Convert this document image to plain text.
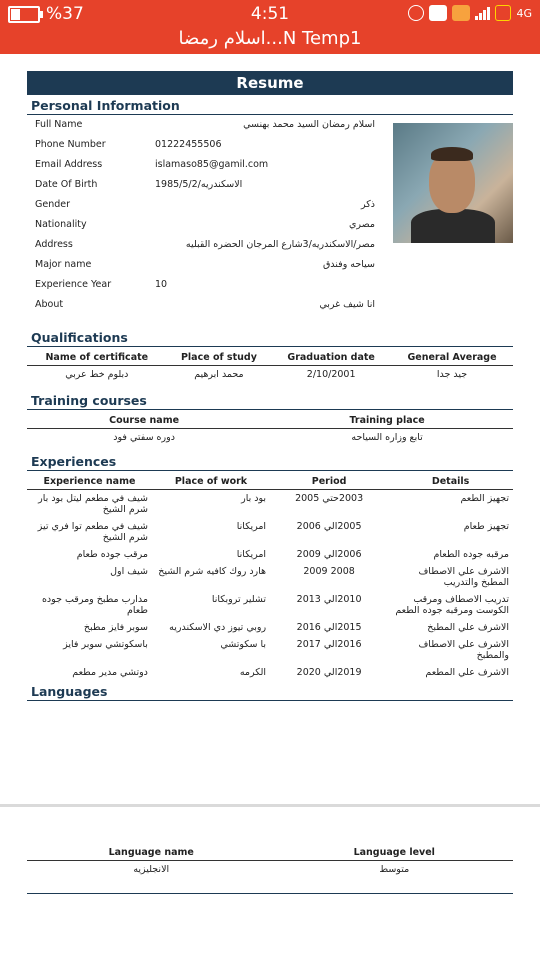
%37	4:51	4G
N Temp1...اسلام رمضا
Resume
Personal Information
Full Name	اسلام رمضان السيد محمد بهنسي
Phone Number	01222455506
Email Address	islamaso85@gamil.com
Date Of Birth	1985/5/2/الاسكندريه
Gender	ذكر
Nationality	مصري
Address	مصر/الاسكندريه/3شارع المرجان الحضره القبليه
Major name	سياحه وفندق
Experience Year	10
About	انا شيف غربي
Qualifications
Name of certificate	Place of study	Graduation date	General Average
دبلوم خط عربي	محمد ابرهيم	2/10/2001	جيد جدا
Training courses
Course name	Training place
دوره سفتي فود	تابع وزاره السياحه
Experiences
Experience name	Place of work	Period	Details
شيف في مطعم ليتل بود بار شرم الشيخ	بود بار	2003حتي 2005	تجهيز الطعم
شيف في مطعم توا فري تيز شرم الشيخ	امريكانا	2005الي 2006	تجهيز طعام
مرقب جوده طعام	امريكانا	2006الي 2009	مرقبه جوده الطعام
شيف اول	هارد روك كافيه شرم الشيخ	2008 2009	الاشرف علي الاصطاف المطبخ والتدريب
مدارب مطبخ ومرقب جوده طعام	تشلير تروبكانا	2010الي 2013	تدريب الاصطاف ومرقب الكوست ومرقبه جوده الطعم
سوبر فايز مطبخ	روبي تيوز دي الاسكندريه	2015الي 2016	الاشرف علي المطبخ
باسكوتشي سوبر فايز	با سكوتشي	2016الي 2017	الاشرف علي الاصطاف والمطبخ
دوتشي مدير مطعم	الكرمه	2019الي 2020	الاشرف علي المطعم
Languages
Language name	Language level
الانجليزيه	متوسط
